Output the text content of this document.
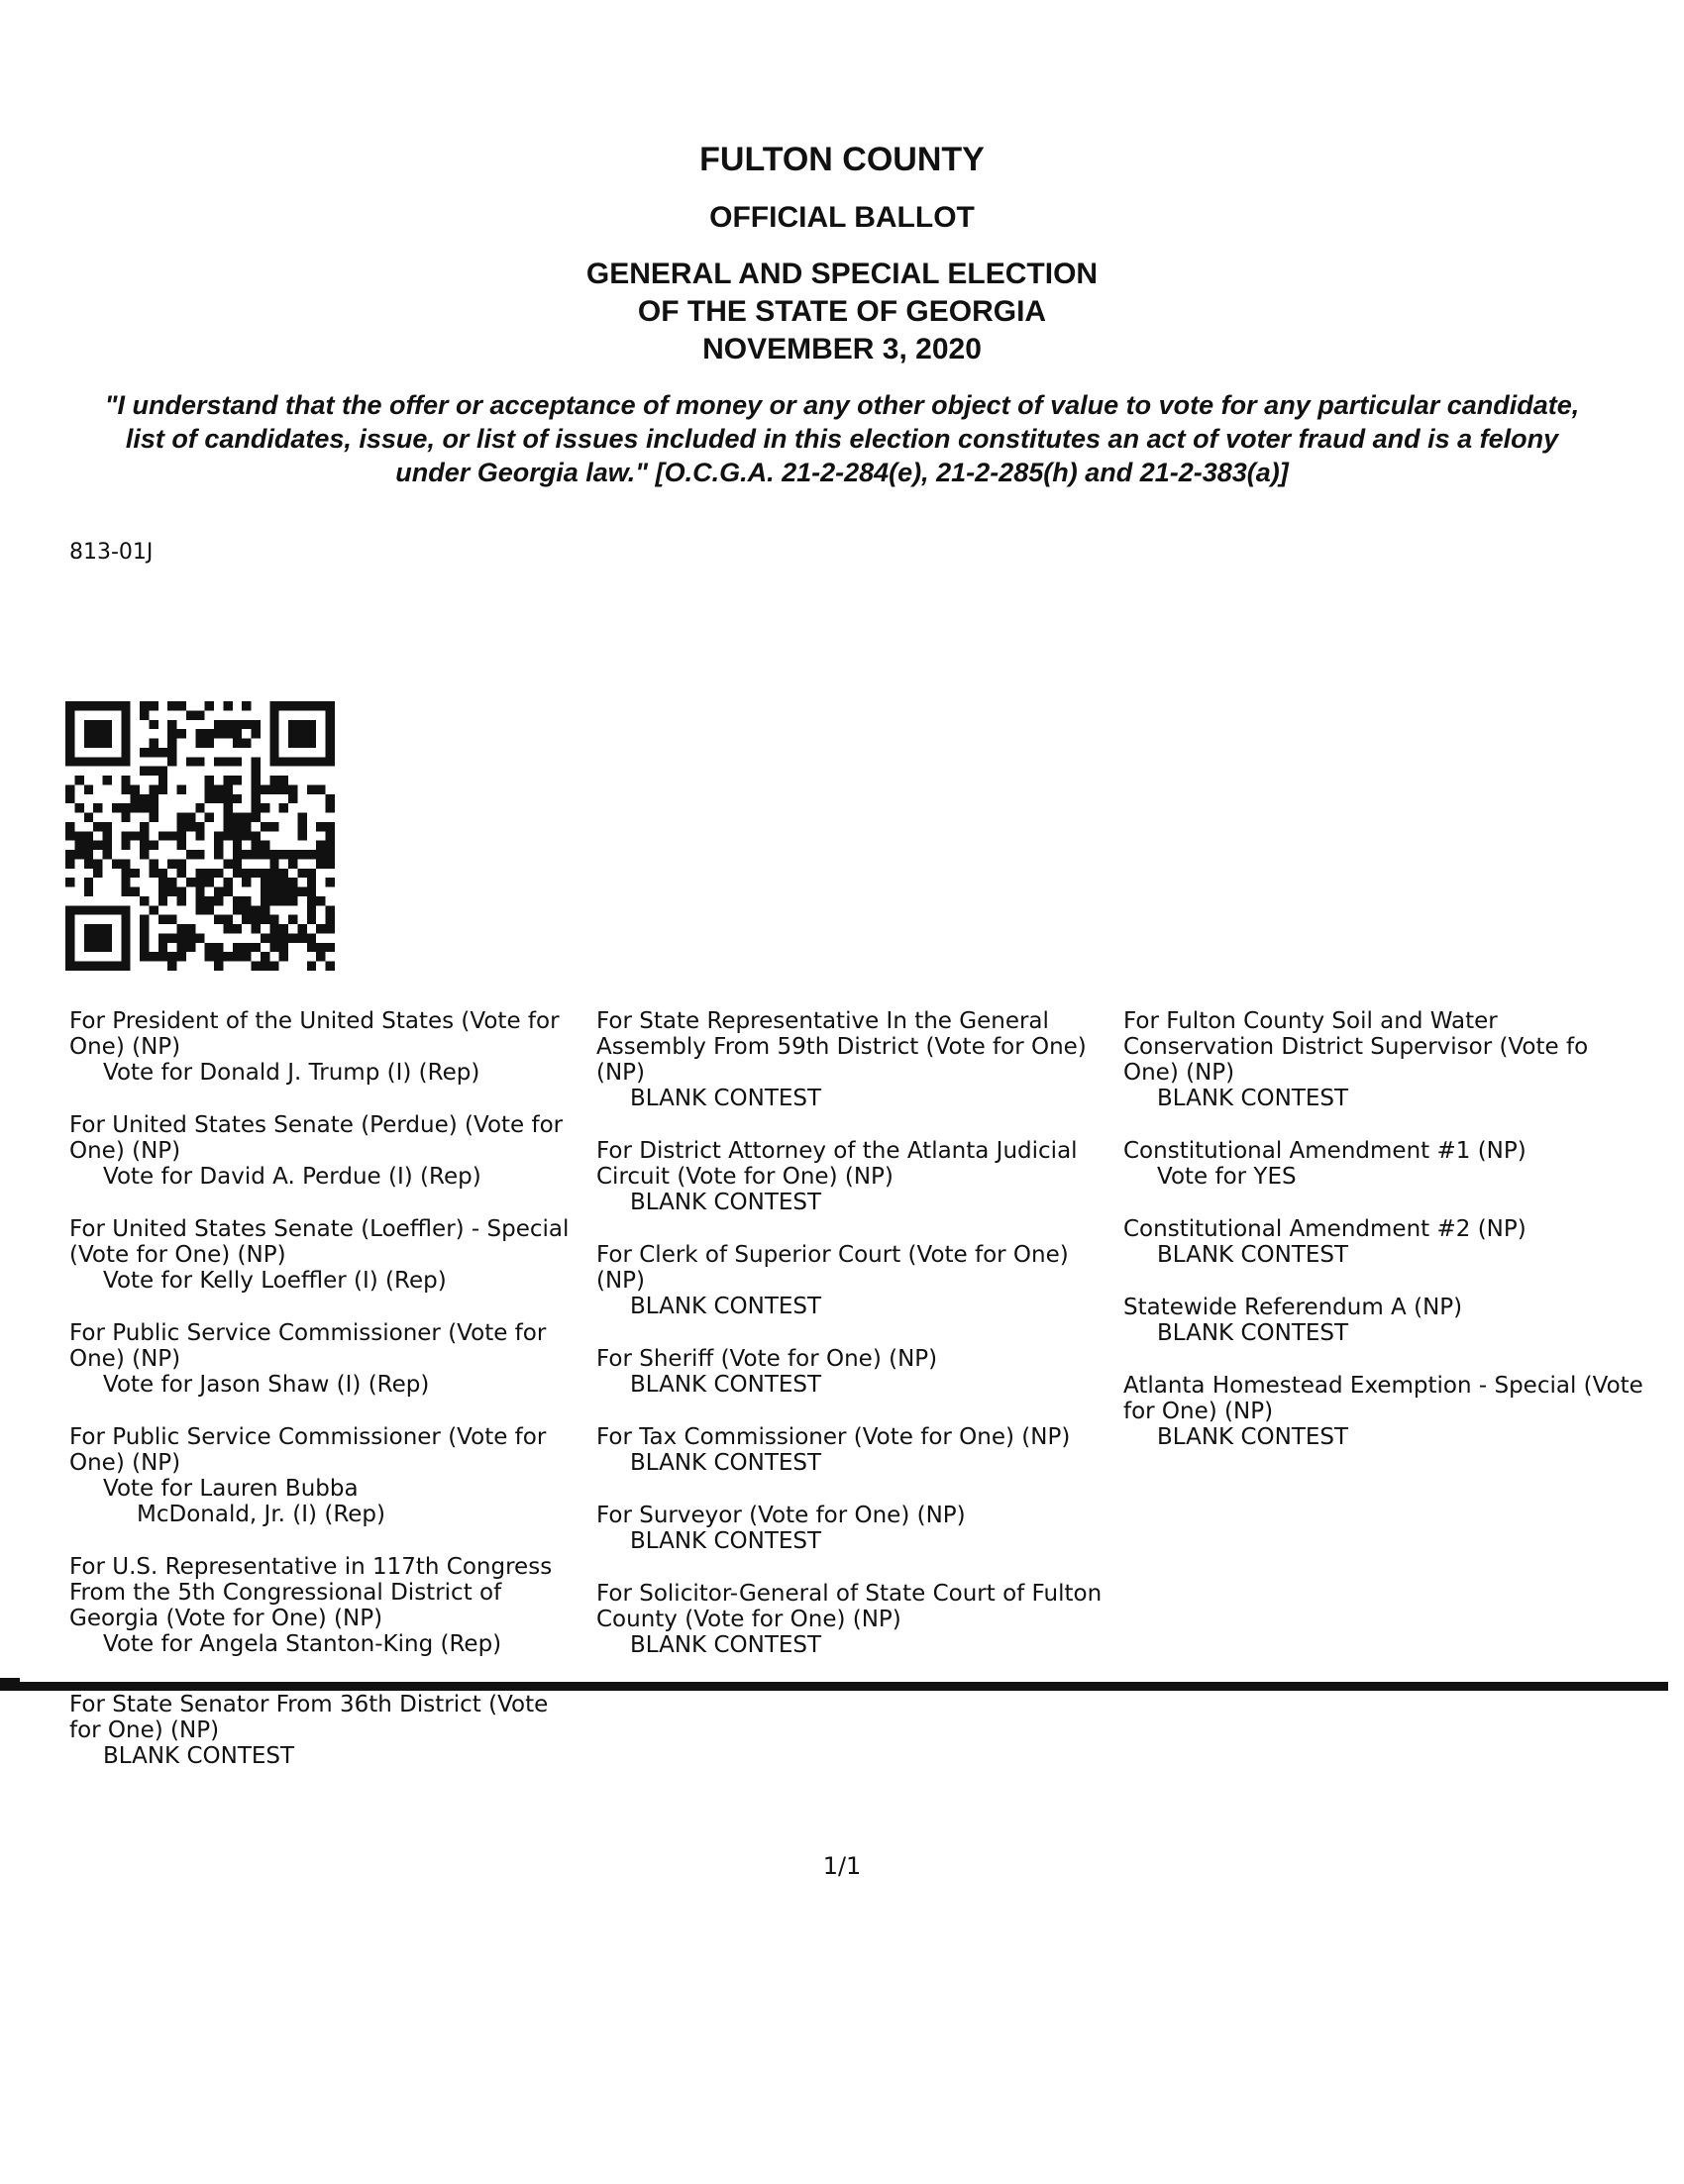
FULTON COUNTY
OFFICIAL BALLOT
GENERAL AND SPECIAL ELECTION
OF THE STATE OF GEORGIA
NOVEMBER 3, 2020
"I understand that the offer or acceptance of money or any other object of value to vote for any particular candidate,
list of candidates, issue, or list of issues included in this election constitutes an act of voter fraud and is a felony
under Georgia law." [O.C.G.A. 21-2-284(e), 21-2-285(h) and 21-2-383(a)]
813-01J
For President of the United States (Vote for One) (NP)
Vote for Donald J. Trump (I) (Rep)
For United States Senate (Perdue) (Vote for One) (NP)
Vote for David A. Perdue (I) (Rep)
For United States Senate (Loeffler) - Special (Vote for One) (NP)
Vote for Kelly Loeffler (I) (Rep)
For Public Service Commissioner (Vote for One) (NP)
Vote for Jason Shaw (I) (Rep)
For Public Service Commissioner (Vote for One) (NP)
Vote for Lauren Bubba
McDonald, Jr. (I) (Rep)
For U.S. Representative in 117th Congress From the 5th Congressional District of Georgia (Vote for One) (NP)
Vote for Angela Stanton-King (Rep)
For State Representative In the General Assembly From 59th District (Vote for One) (NP)
BLANK CONTEST
For District Attorney of the Atlanta Judicial Circuit (Vote for One) (NP)
BLANK CONTEST
For Clerk of Superior Court (Vote for One) (NP)
BLANK CONTEST
For Sheriff (Vote for One) (NP)
BLANK CONTEST
For Tax Commissioner (Vote for One) (NP)
BLANK CONTEST
For Surveyor (Vote for One) (NP)
BLANK CONTEST
For Solicitor-General of State Court of Fulton County (Vote for One) (NP)
BLANK CONTEST
For Fulton County Soil and Water Conservation District Supervisor (Vote fo One) (NP)
BLANK CONTEST
Constitutional Amendment #1 (NP)
Vote for YES
Constitutional Amendment #2 (NP)
BLANK CONTEST
Statewide Referendum A (NP)
BLANK CONTEST
Atlanta Homestead Exemption - Special (Vote for One) (NP)
BLANK CONTEST
For State Senator From 36th District (Vote for One) (NP)
BLANK CONTEST
1/1
